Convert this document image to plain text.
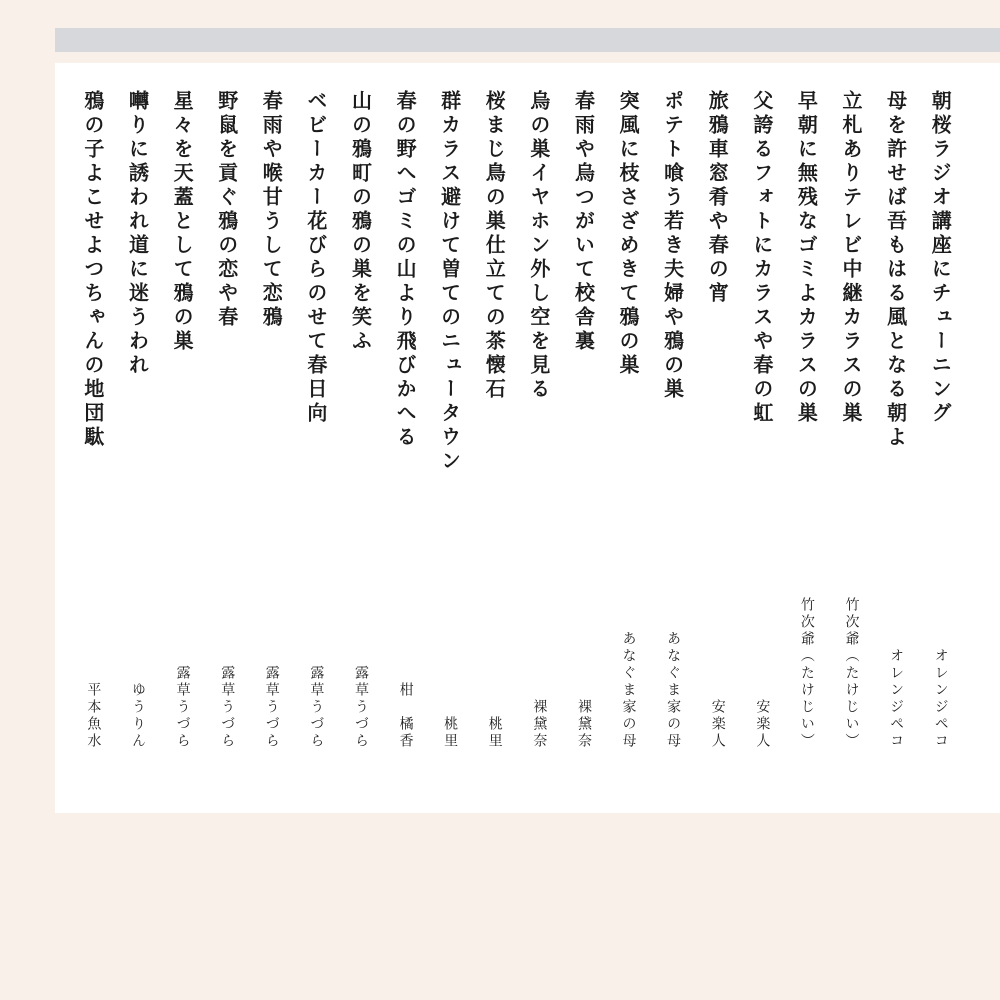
朝桜ラジオ講座にチューニング
オレンジペコ
母を許せば吾もはる風となる朝よ
オレンジペコ
立札ありテレビ中継カラスの巣
竹次爺（たけじい）
早朝に無残なゴミよカラスの巣
竹次爺（たけじい）
父誇るフォトにカラスや春の虹
安楽人
旅鴉車窓肴や春の宵
安楽人
ポテト喰う若き夫婦や鴉の巣
あなぐま家の母
突風に枝さざめきて鴉の巣
あなぐま家の母
春雨や烏つがいて校舎裏
裸黛奈
烏の巣イヤホン外し空を見る
裸黛奈
桜まじ鳥の巣仕立ての茶懐石
桃里
群カラス避けて曽てのニュータウン
桃里
春の野へゴミの山より飛びかへる
柑　橘香
山の鴉町の鴉の巣を笑ふ
露草うづら
ベビーカー花びらのせて春日向
露草うづら
春雨や喉甘うして恋鴉
露草うづら
野鼠を貢ぐ鴉の恋や春
露草うづら
星々を天蓋として鴉の巣
露草うづら
囀りに誘われ道に迷うわれ
ゆうりん
鴉の子よこせよつちゃんの地団駄
平本魚水
